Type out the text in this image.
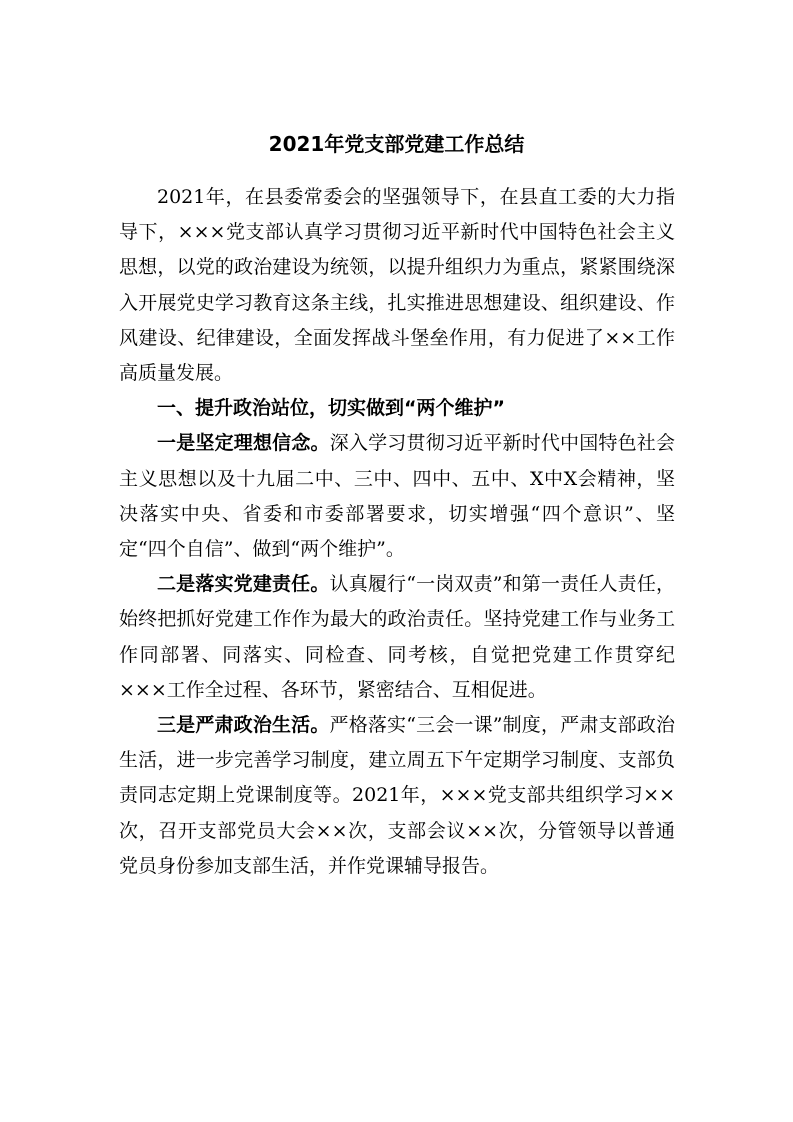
2021年党支部党建工作总结

2021年，在县委常委会的坚强领导下，在县直工委的大力指导下，×××党支部认真学习贯彻习近平新时代中国特色社会主义思想，以党的政治建设为统领，以提升组织力为重点，紧紧围绕深入开展党史学习教育这条主线，扎实推进思想建设、组织建设、作风建设、纪律建设，全面发挥战斗堡垒作用，有力促进了××工作高质量发展。

一、提升政治站位，切实做到“两个维护”

一是坚定理想信念。深入学习贯彻习近平新时代中国特色社会主义思想以及十九届二中、三中、四中、五中、X中X会精神，坚决落实中央、省委和市委部署要求，切实增强“四个意识”、坚定“四个自信”、做到“两个维护”。

二是落实党建责任。认真履行“一岗双责”和第一责任人责任，始终把抓好党建工作作为最大的政治责任。坚持党建工作与业务工作同部署、同落实、同检查、同考核，自觉把党建工作贯穿纪×××工作全过程、各环节，紧密结合、互相促进。

三是严肃政治生活。严格落实“三会一课”制度，严肃支部政治生活，进一步完善学习制度，建立周五下午定期学习制度、支部负责同志定期上党课制度等。2021年，×××党支部共组织学习××次，召开支部党员大会××次，支部会议××次，分管领导以普通党员身份参加支部生活，并作党课辅导报告。
